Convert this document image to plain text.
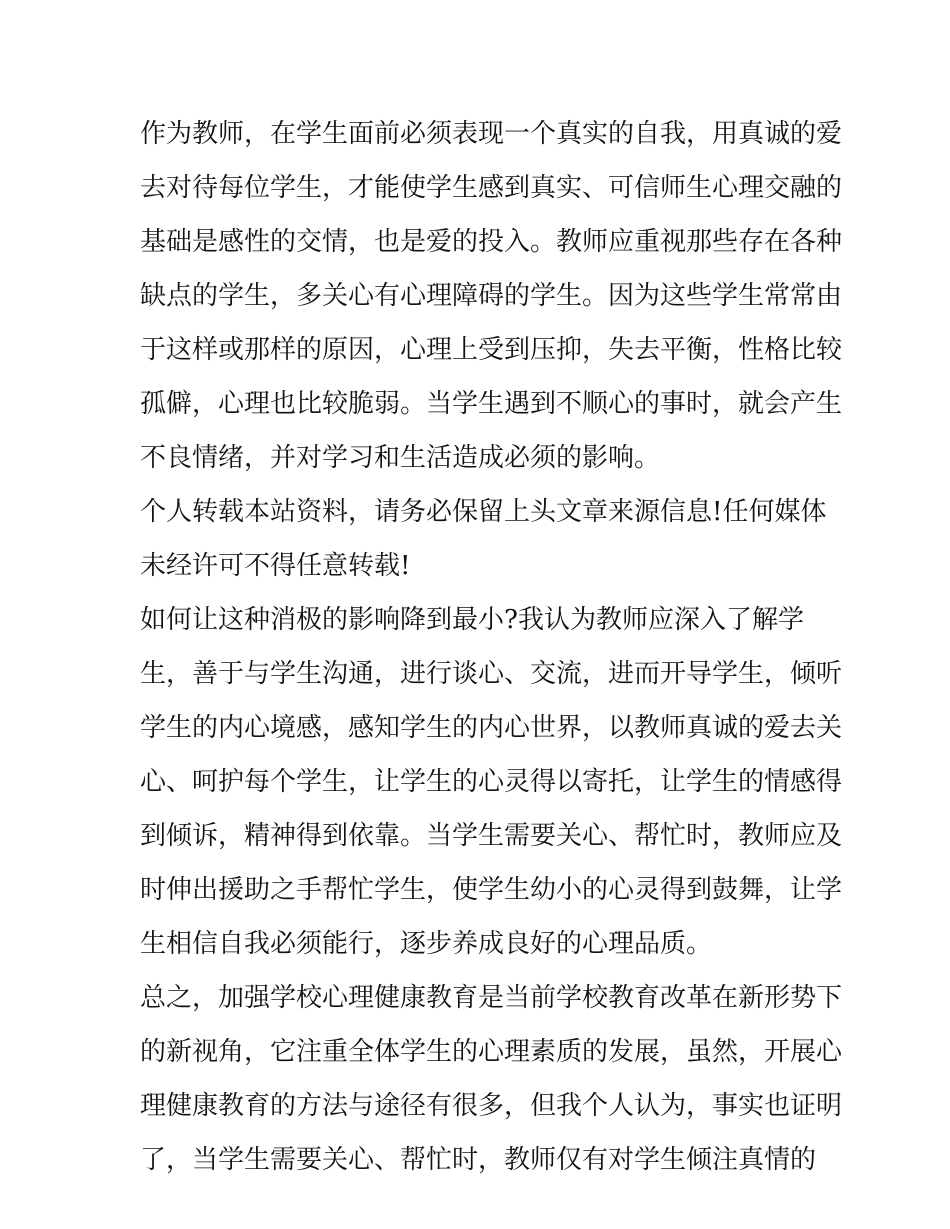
作为教师，在学生面前必须表现一个真实的自我，用真诚的爱
去对待每位学生，才能使学生感到真实、可信师生心理交融的
基础是感性的交情，也是爱的投入。教师应重视那些存在各种
缺点的学生，多关心有心理障碍的学生。因为这些学生常常由
于这样或那样的原因，心理上受到压抑，失去平衡，性格比较
孤僻，心理也比较脆弱。当学生遇到不顺心的事时，就会产生
不良情绪，并对学习和生活造成必须的影响。
个人转载本站资料，请务必保留上头文章来源信息!任何媒体
未经许可不得任意转载!
如何让这种消极的影响降到最小?我认为教师应深入了解学
生，善于与学生沟通，进行谈心、交流，进而开导学生，倾听
学生的内心境感，感知学生的内心世界，以教师真诚的爱去关
心、呵护每个学生，让学生的心灵得以寄托，让学生的情感得
到倾诉，精神得到依靠。当学生需要关心、帮忙时，教师应及
时伸出援助之手帮忙学生，使学生幼小的心灵得到鼓舞，让学
生相信自我必须能行，逐步养成良好的心理品质。
总之，加强学校心理健康教育是当前学校教育改革在新形势下
的新视角，它注重全体学生的心理素质的发展，虽然，开展心
理健康教育的方法与途径有很多，但我个人认为，事实也证明
了，当学生需要关心、帮忙时，教师仅有对学生倾注真情的
